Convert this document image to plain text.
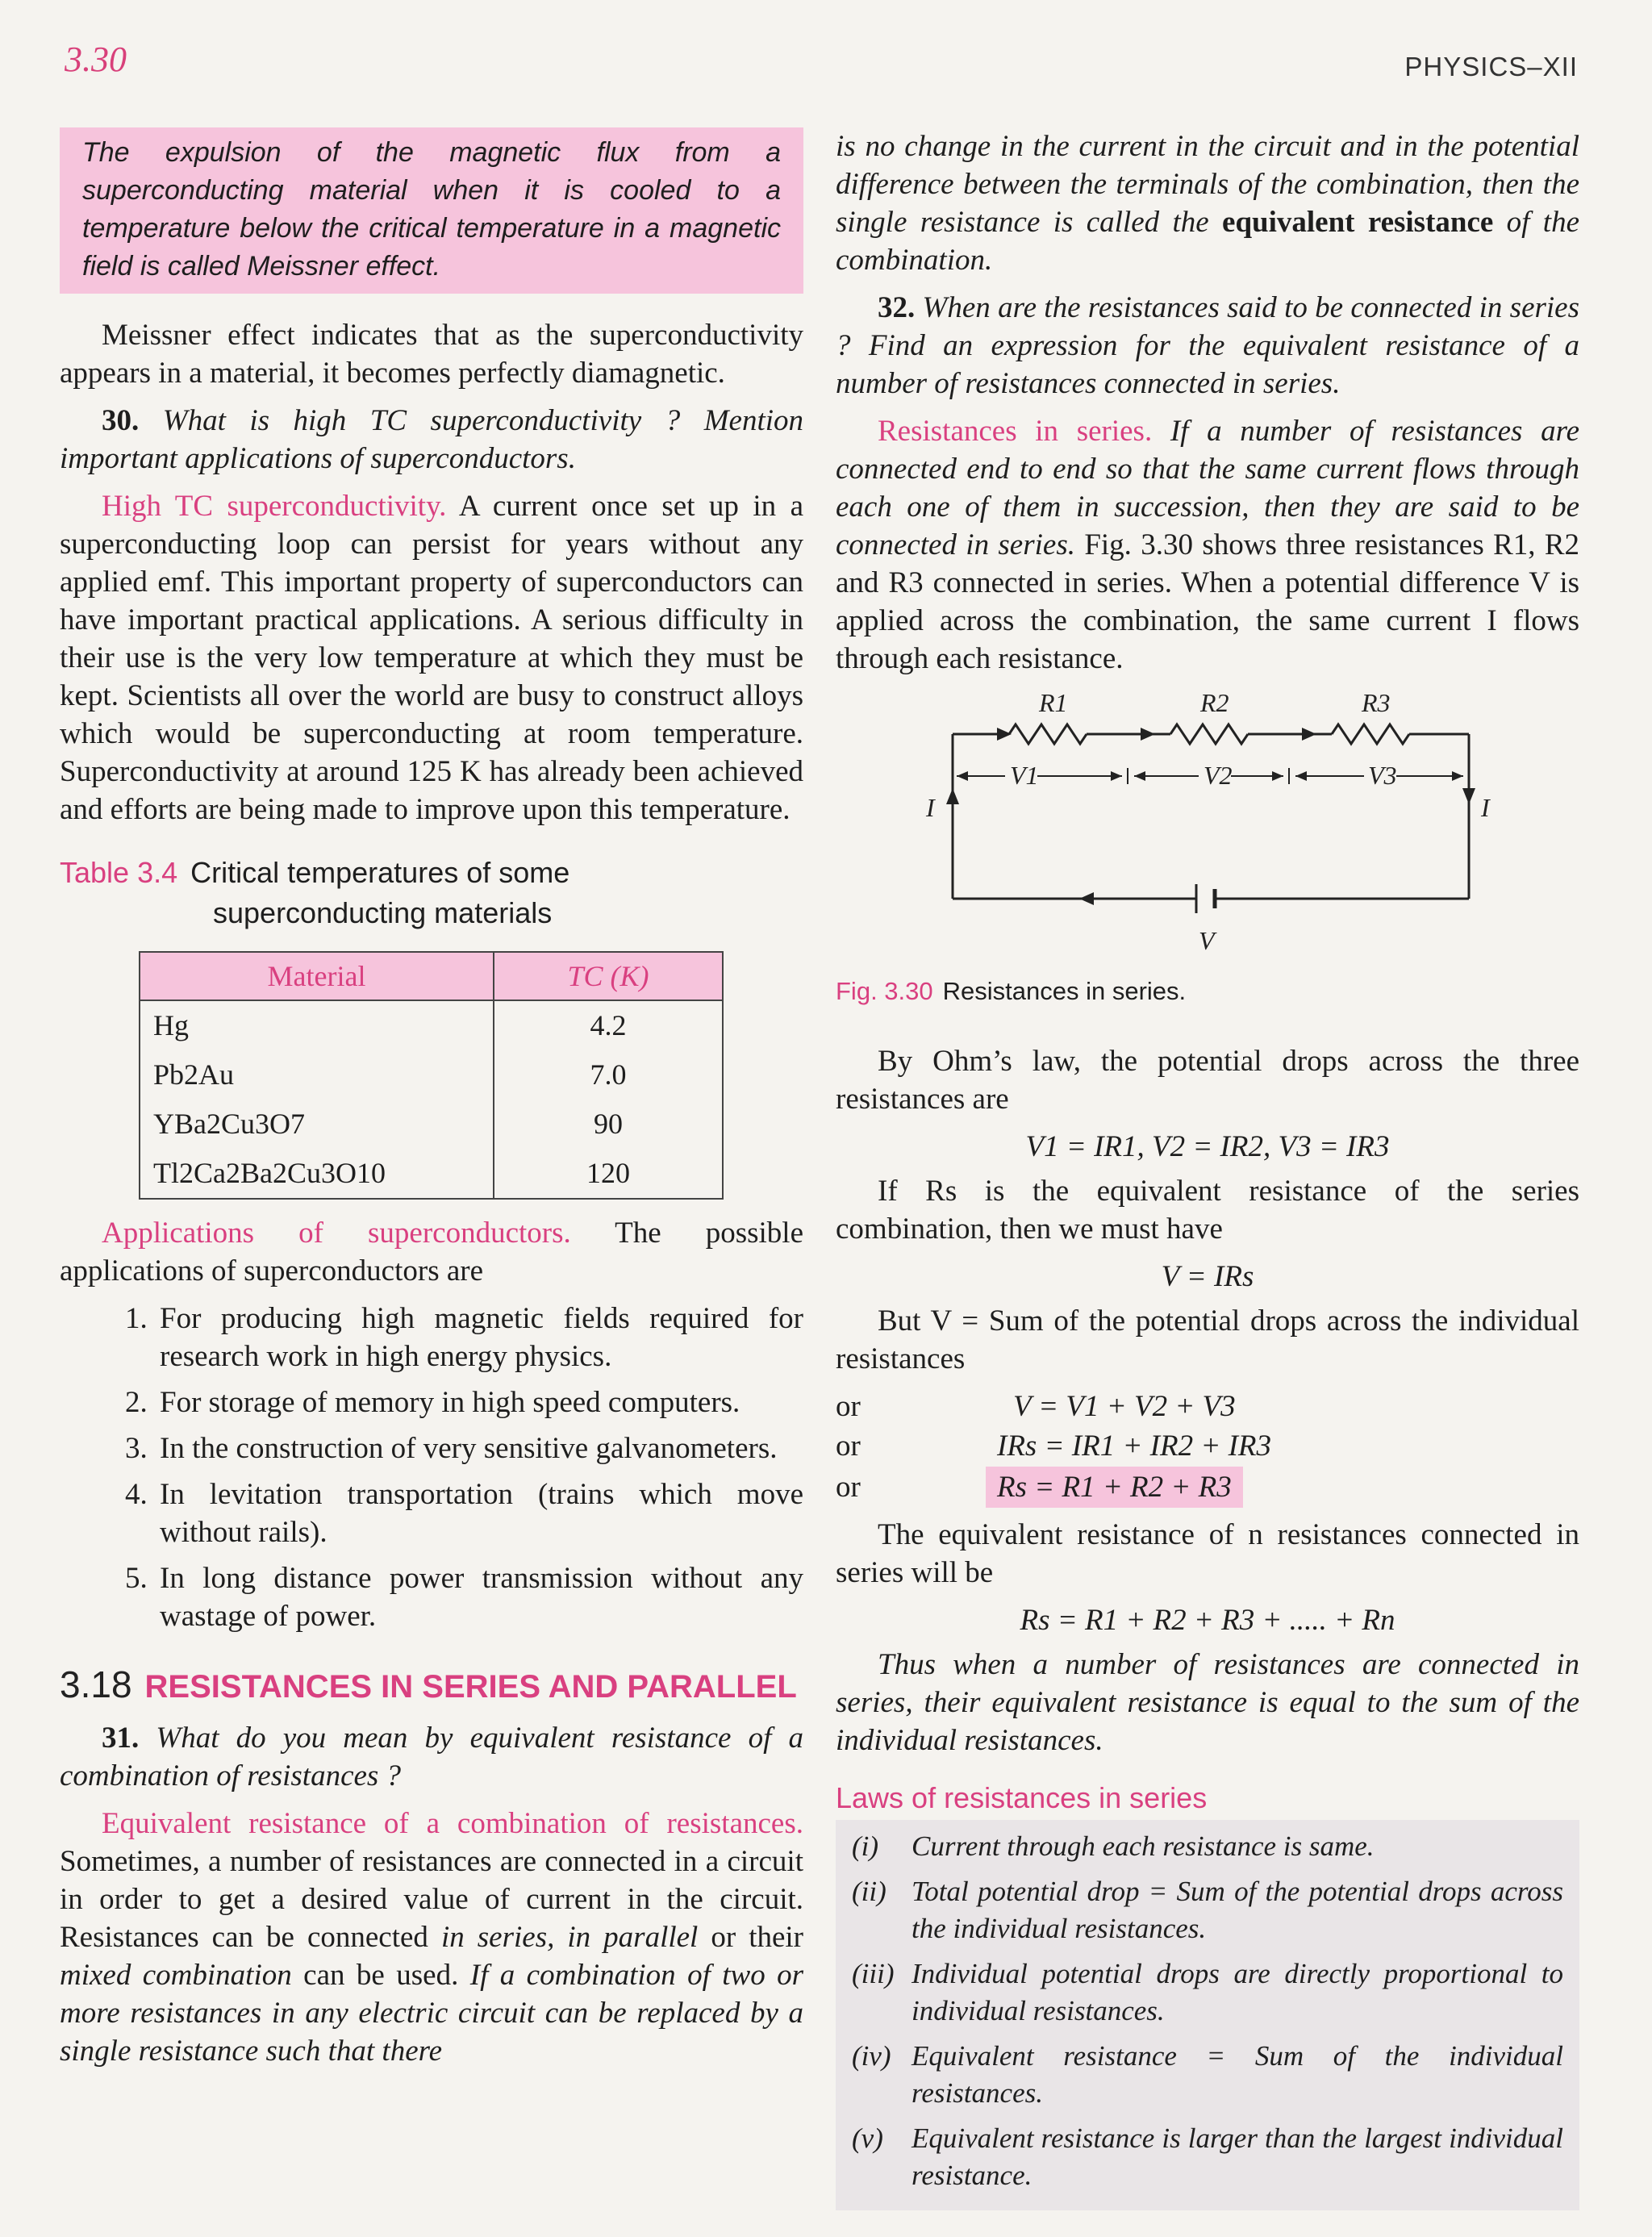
3.30	PHYSICS–XII
The expulsion of the magnetic flux from a superconducting material when it is cooled to a temperature below the critical temperature in a magnetic field is called Meissner effect.

Meissner effect indicates that as the superconductivity appears in a material, it becomes perfectly diamagnetic.

30. What is high TC superconductivity ? Mention important applications of superconductors.

High TC superconductivity. A current once set up in a superconducting loop can persist for years without any applied emf. This important property of superconductors can have important practical applications. A serious difficulty in their use is the very low temperature at which they must be kept. Scientists all over the world are busy to construct alloys which would be superconducting at room temperature. Superconductivity at around 125 K has already been achieved and efforts are being made to improve upon this temperature.

Table 3.4 Critical temperatures of some
superconducting materials
Material	TC (K)
Hg	4.2
Pb2Au	7.0
YBa2Cu3O7	90
Tl2Ca2Ba2Cu3O10	120

Applications of superconductors. The possible applications of superconductors are

1. For producing high magnetic fields required for research work in high energy physics.
2. For storage of memory in high speed computers.
3. In the construction of very sensitive galvanometers.
4. In levitation transportation (trains which move without rails).
5. In long distance power transmission without any wastage of power.
3.18 RESISTANCES IN SERIES AND PARALLEL

31. What do you mean by equivalent resistance of a combination of resistances ?

Equivalent resistance of a combination of resistances. Sometimes, a number of resistances are connected in a circuit in order to get a desired value of current in the circuit. Resistances can be connected in series, in parallel or their mixed combination can be used. If a combination of two or more resistances in any electric circuit can be replaced by a single resistance such that there

is no change in the current in the circuit and in the potential difference between the terminals of the combination, then the single resistance is called the equivalent resistance of the combination.

32. When are the resistances said to be connected in series ? Find an expression for the equivalent resistance of a number of resistances connected in series.

Resistances in series. If a number of resistances are connected end to end so that the same current flows through each one of them in succession, then they are said to be connected in series. Fig. 3.30 shows three resistances R1, R2 and R3 connected in series. When a potential difference V is applied across the combination, the same current I flows through each resistance.

R1	R2	R3
V1	V2	V3
I	I
V
Fig. 3.30 Resistances in series.

By Ohm’s law, the potential drops across the three resistances are

V1 = IR1, V2 = IR2, V3 = IR3

If Rs is the equivalent resistance of the series combination, then we must have

V = IRs

But V = Sum of the potential drops across the individual resistances

or	V = V1 + V2 + V3
or	IRs = IR1 + IR2 + IR3
or	Rs = R1 + R2 + R3

The equivalent resistance of n resistances connected in series will be

Rs = R1 + R2 + R3 + ..... + Rn

Thus when a number of resistances are connected in series, their equivalent resistance is equal to the sum of the individual resistances.

Laws of resistances in series
(i)	Current through each resistance is same.
(ii) Total potential drop = Sum of the potential drops across the individual resistances.
(iii) Individual potential drops are directly proportional to individual resistances.
(iv) Equivalent resistance = Sum of the individual resistances.
(v)	Equivalent resistance is larger than the largest individual resistance.
